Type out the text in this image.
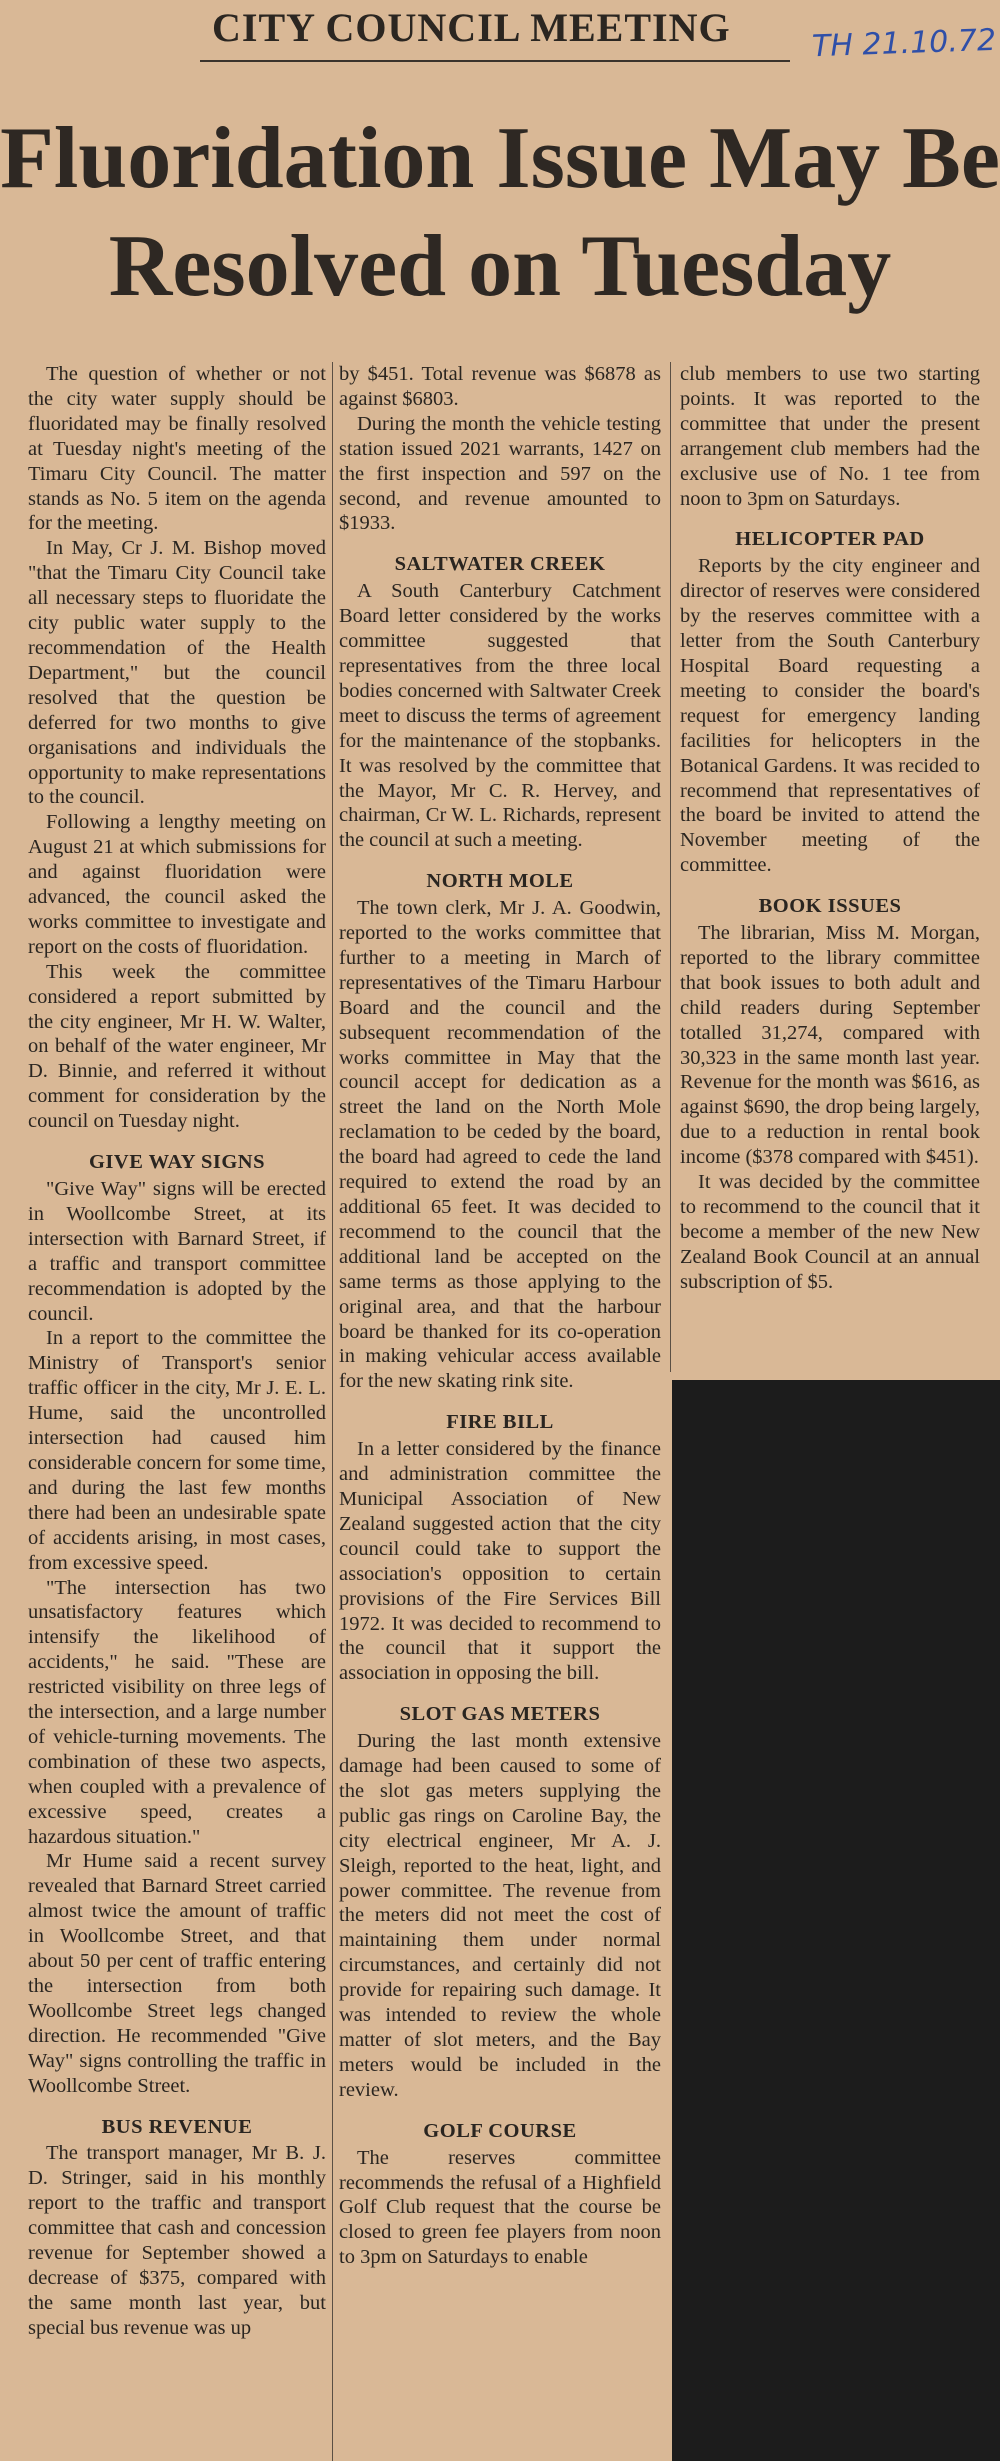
CITY COUNCIL MEETING	TH 21.10.72
Fluoridation Issue May Be
Resolved on Tuesday

The question of whether or not the city water supply should be fluoridated may be finally resolved at Tuesday night's meeting of the Timaru City Council. The matter stands as No. 5 item on the agenda for the meeting.

In May, Cr J. M. Bishop moved "that the Timaru City Council take all necessary steps to fluoridate the city public water supply to the recommendation of the Health Department," but the council resolved that the question be deferred for two months to give organisations and individuals the opportunity to make representations to the council.

Following a lengthy meeting on August 21 at which submissions for and against fluoridation were advanced, the council asked the works committee to investigate and report on the costs of fluoridation.

This week the committee considered a report submitted by the city engineer, Mr H. W. Walter, on behalf of the water engineer, Mr D. Binnie, and referred it without comment for consideration by the council on Tuesday night.

GIVE WAY SIGNS

"Give Way" signs will be erected in Woollcombe Street, at its intersection with Barnard Street, if a traffic and transport committee recommendation is adopted by the council.

In a report to the committee the Ministry of Transport's senior traffic officer in the city, Mr J. E. L. Hume, said the uncontrolled intersection had caused him considerable concern for some time, and during the last few months there had been an undesirable spate of accidents arising, in most cases, from excessive speed.

"The intersection has two unsatisfactory features which intensify the likelihood of accidents," he said. "These are restricted visibility on three legs of the intersection, and a large number of vehicle-turning movements. The combination of these two aspects, when coupled with a prevalence of excessive speed, creates a hazardous situation."

Mr Hume said a recent survey revealed that Barnard Street carried almost twice the amount of traffic in Woollcombe Street, and that about 50 per cent of traffic entering the intersection from both Woollcombe Street legs changed direction. He recommended "Give Way" signs controlling the traffic in Woollcombe Street.

BUS REVENUE

The transport manager, Mr B. J. D. Stringer, said in his monthly report to the traffic and transport committee that cash and concession revenue for September showed a decrease of $375, compared with the same month last year, but special bus revenue was up

by $451. Total revenue was $6878 as against $6803.

During the month the vehicle testing station issued 2021 warrants, 1427 on the first inspection and 597 on the second, and revenue amounted to $1933.

SALTWATER CREEK

A South Canterbury Catchment Board letter considered by the works committee suggested that representatives from the three local bodies concerned with Saltwater Creek meet to discuss the terms of agreement for the maintenance of the stopbanks. It was resolved by the committee that the Mayor, Mr C. R. Hervey, and chairman, Cr W. L. Richards, represent the council at such a meeting.

NORTH MOLE

The town clerk, Mr J. A. Goodwin, reported to the works committee that further to a meeting in March of representatives of the Timaru Harbour Board and the council and the subsequent recommendation of the works committee in May that the council accept for dedication as a street the land on the North Mole reclamation to be ceded by the board, the board had agreed to cede the land required to extend the road by an additional 65 feet. It was decided to recommend to the council that the additional land be accepted on the same terms as those applying to the original area, and that the harbour board be thanked for its co-operation in making vehicular access available for the new skating rink site.

FIRE BILL

In a letter considered by the finance and administration committee the Municipal Association of New Zealand suggested action that the city council could take to support the association's opposition to certain provisions of the Fire Services Bill 1972. It was decided to recommend to the council that it support the association in opposing the bill.

SLOT GAS METERS

During the last month extensive damage had been caused to some of the slot gas meters supplying the public gas rings on Caroline Bay, the city electrical engineer, Mr A. J. Sleigh, reported to the heat, light, and power committee. The revenue from the meters did not meet the cost of maintaining them under normal circumstances, and certainly did not provide for repairing such damage. It was intended to review the whole matter of slot meters, and the Bay meters would be included in the review.

GOLF COURSE

The reserves committee recommends the refusal of a Highfield Golf Club request that the course be closed to green fee players from noon to 3pm on Saturdays to enable

club members to use two starting points. It was reported to the committee that under the present arrangement club members had the exclusive use of No. 1 tee from noon to 3pm on Saturdays.

HELICOPTER PAD

Reports by the city engineer and director of reserves were considered by the reserves committee with a letter from the South Canterbury Hospital Board requesting a meeting to consider the board's request for emergency landing facilities for helicopters in the Botanical Gardens. It was recided to recommend that representatives of the board be invited to attend the November meeting of the committee.

BOOK ISSUES

The librarian, Miss M. Morgan, reported to the library committee that book issues to both adult and child readers during September totalled 31,274, compared with 30,323 in the same month last year. Revenue for the month was $616, as against $690, the drop being largely, due to a reduction in rental book income ($378 compared with $451).

It was decided by the committee to recommend to the council that it become a member of the new New Zealand Book Council at an annual subscription of $5.
